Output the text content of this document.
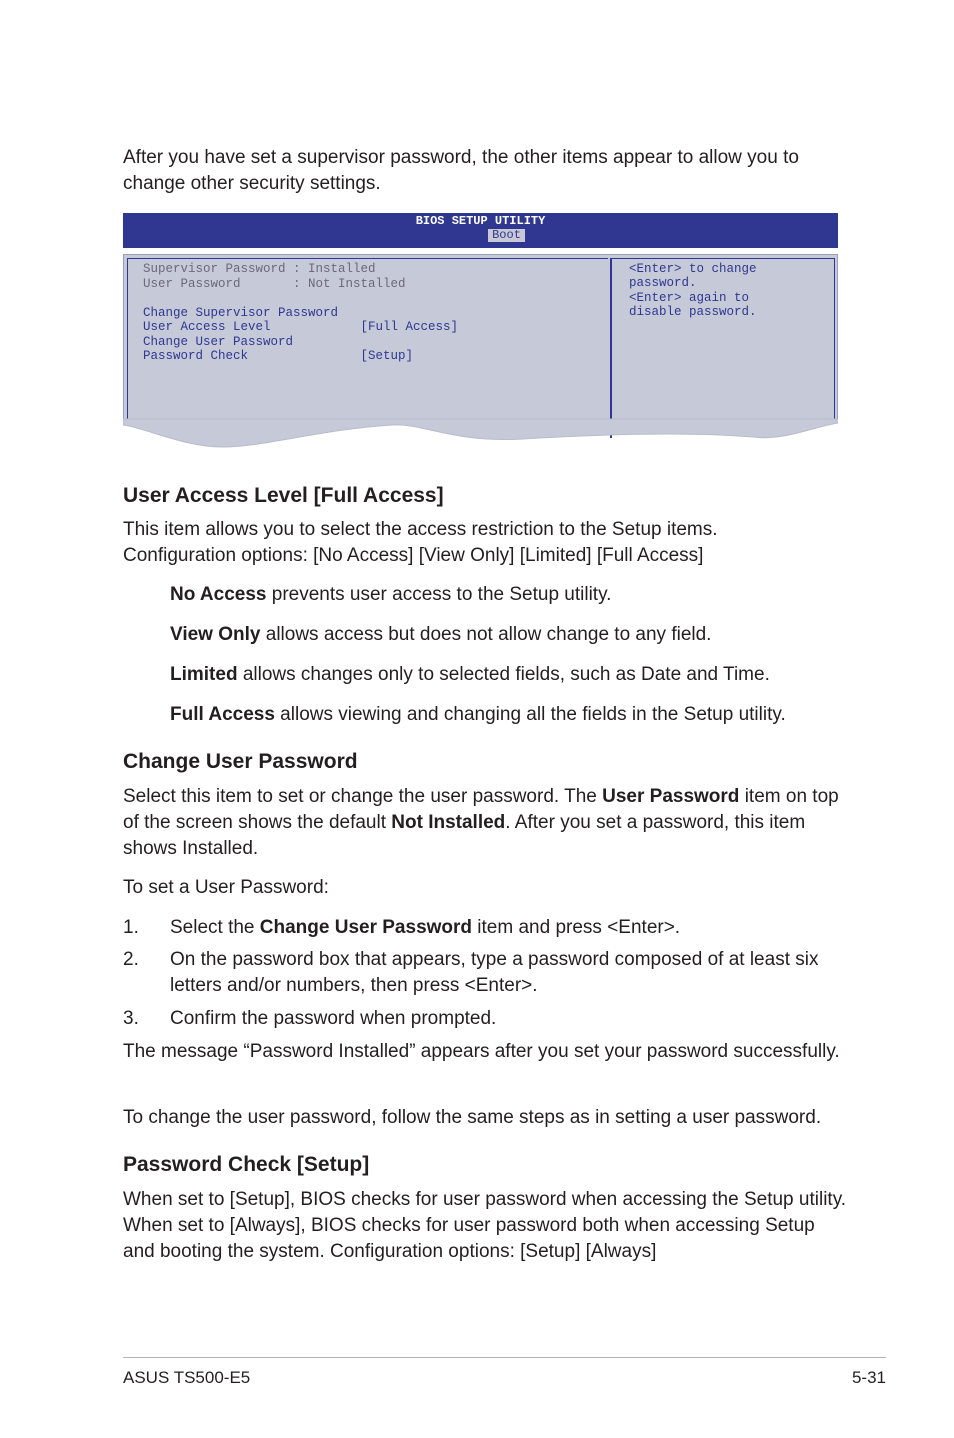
After you have set a supervisor password, the other items appear to allow you to change other security settings.

BIOS SETUP UTILITY
Boot
Supervisor Password : Installed
User Password       : Not Installed
Change Supervisor Password
User Access Level            [Full Access]
Change User Password
Password Check               [Setup]
<Enter> to change
password.
<Enter> again to
disable password.
User Access Level [Full Access]

This item allows you to select the access restriction to the Setup items.

Configuration options: [No Access] [View Only] [Limited] [Full Access]

No Access prevents user access to the Setup utility.

View Only allows access but does not allow change to any field.

Limited allows changes only to selected fields, such as Date and Time.

Full Access allows viewing and changing all the fields in the Setup utility.

Change User Password

Select this item to set or change the user password. The User Password item on top of the screen shows the default Not Installed. After you set a password, this item shows Installed.

To set a User Password:

1. Select the Change User Password item and press <Enter>.

2. On the password box that appears, type a password composed of at least six letters and/or numbers, then press <Enter>.

3. Confirm the password when prompted.

The message “Password Installed” appears after you set your password successfully.

To change the user password, follow the same steps as in setting a user password.

Password Check [Setup]

When set to [Setup], BIOS checks for user password when accessing the Setup utility. When set to [Always], BIOS checks for user password both when accessing Setup and booting the system. Configuration options: [Setup] [Always]

ASUS TS500-E5	5-31
